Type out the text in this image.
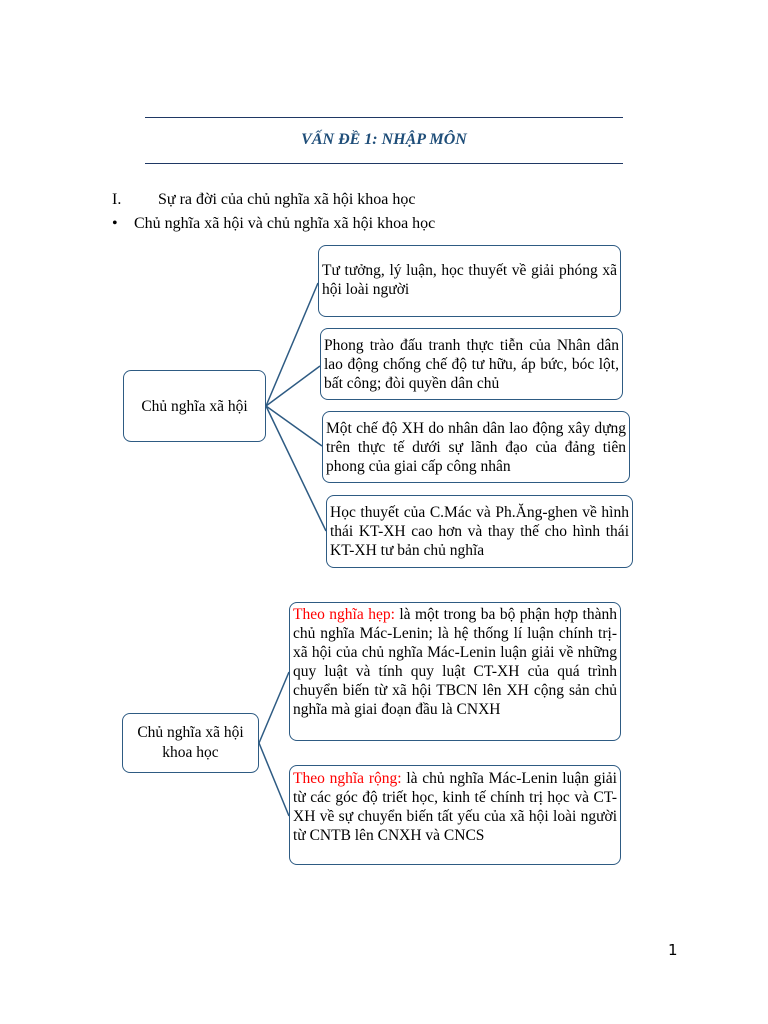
VẤN ĐỀ 1: NHẬP MÔN
I. Sự ra đời của chủ nghĩa xã hội khoa học
• Chủ nghĩa xã hội và chủ nghĩa xã hội khoa học
Chủ nghĩa xã hội
Tư tưởng, lý luận, học thuyết về giải phóng xã hội loài người
Phong trào đấu tranh thực tiễn của Nhân dân lao động chống chế độ tư hữu, áp bức, bóc lột, bất công; đòi quyền dân chủ
Một chế độ XH do nhân dân lao động xây dựng trên thực tế dưới sự lãnh đạo của đảng tiên phong của giai cấp công nhân
Học thuyết của C.Mác và Ph.Ăng-ghen về hình thái KT-XH cao hơn và thay thế cho hình thái KT-XH tư bản chủ nghĩa
Chủ nghĩa xã hội khoa học
Theo nghĩa hẹp: là một trong ba bộ phận hợp thành chủ nghĩa Mác-Lenin; là hệ thống lí luận chính trị-xã hội của chủ nghĩa Mác-Lenin luận giải về những quy luật và tính quy luật CT-XH của quá trình chuyển biến từ xã hội TBCN lên XH cộng sản chủ nghĩa mà giai đoạn đầu là CNXH
Theo nghĩa rộng: là chủ nghĩa Mác-Lenin luận giải từ các góc độ triết học, kinh tế chính trị học và CT-XH về sự chuyển biến tất yếu của xã hội loài người từ CNTB lên CNXH và CNCS
1
